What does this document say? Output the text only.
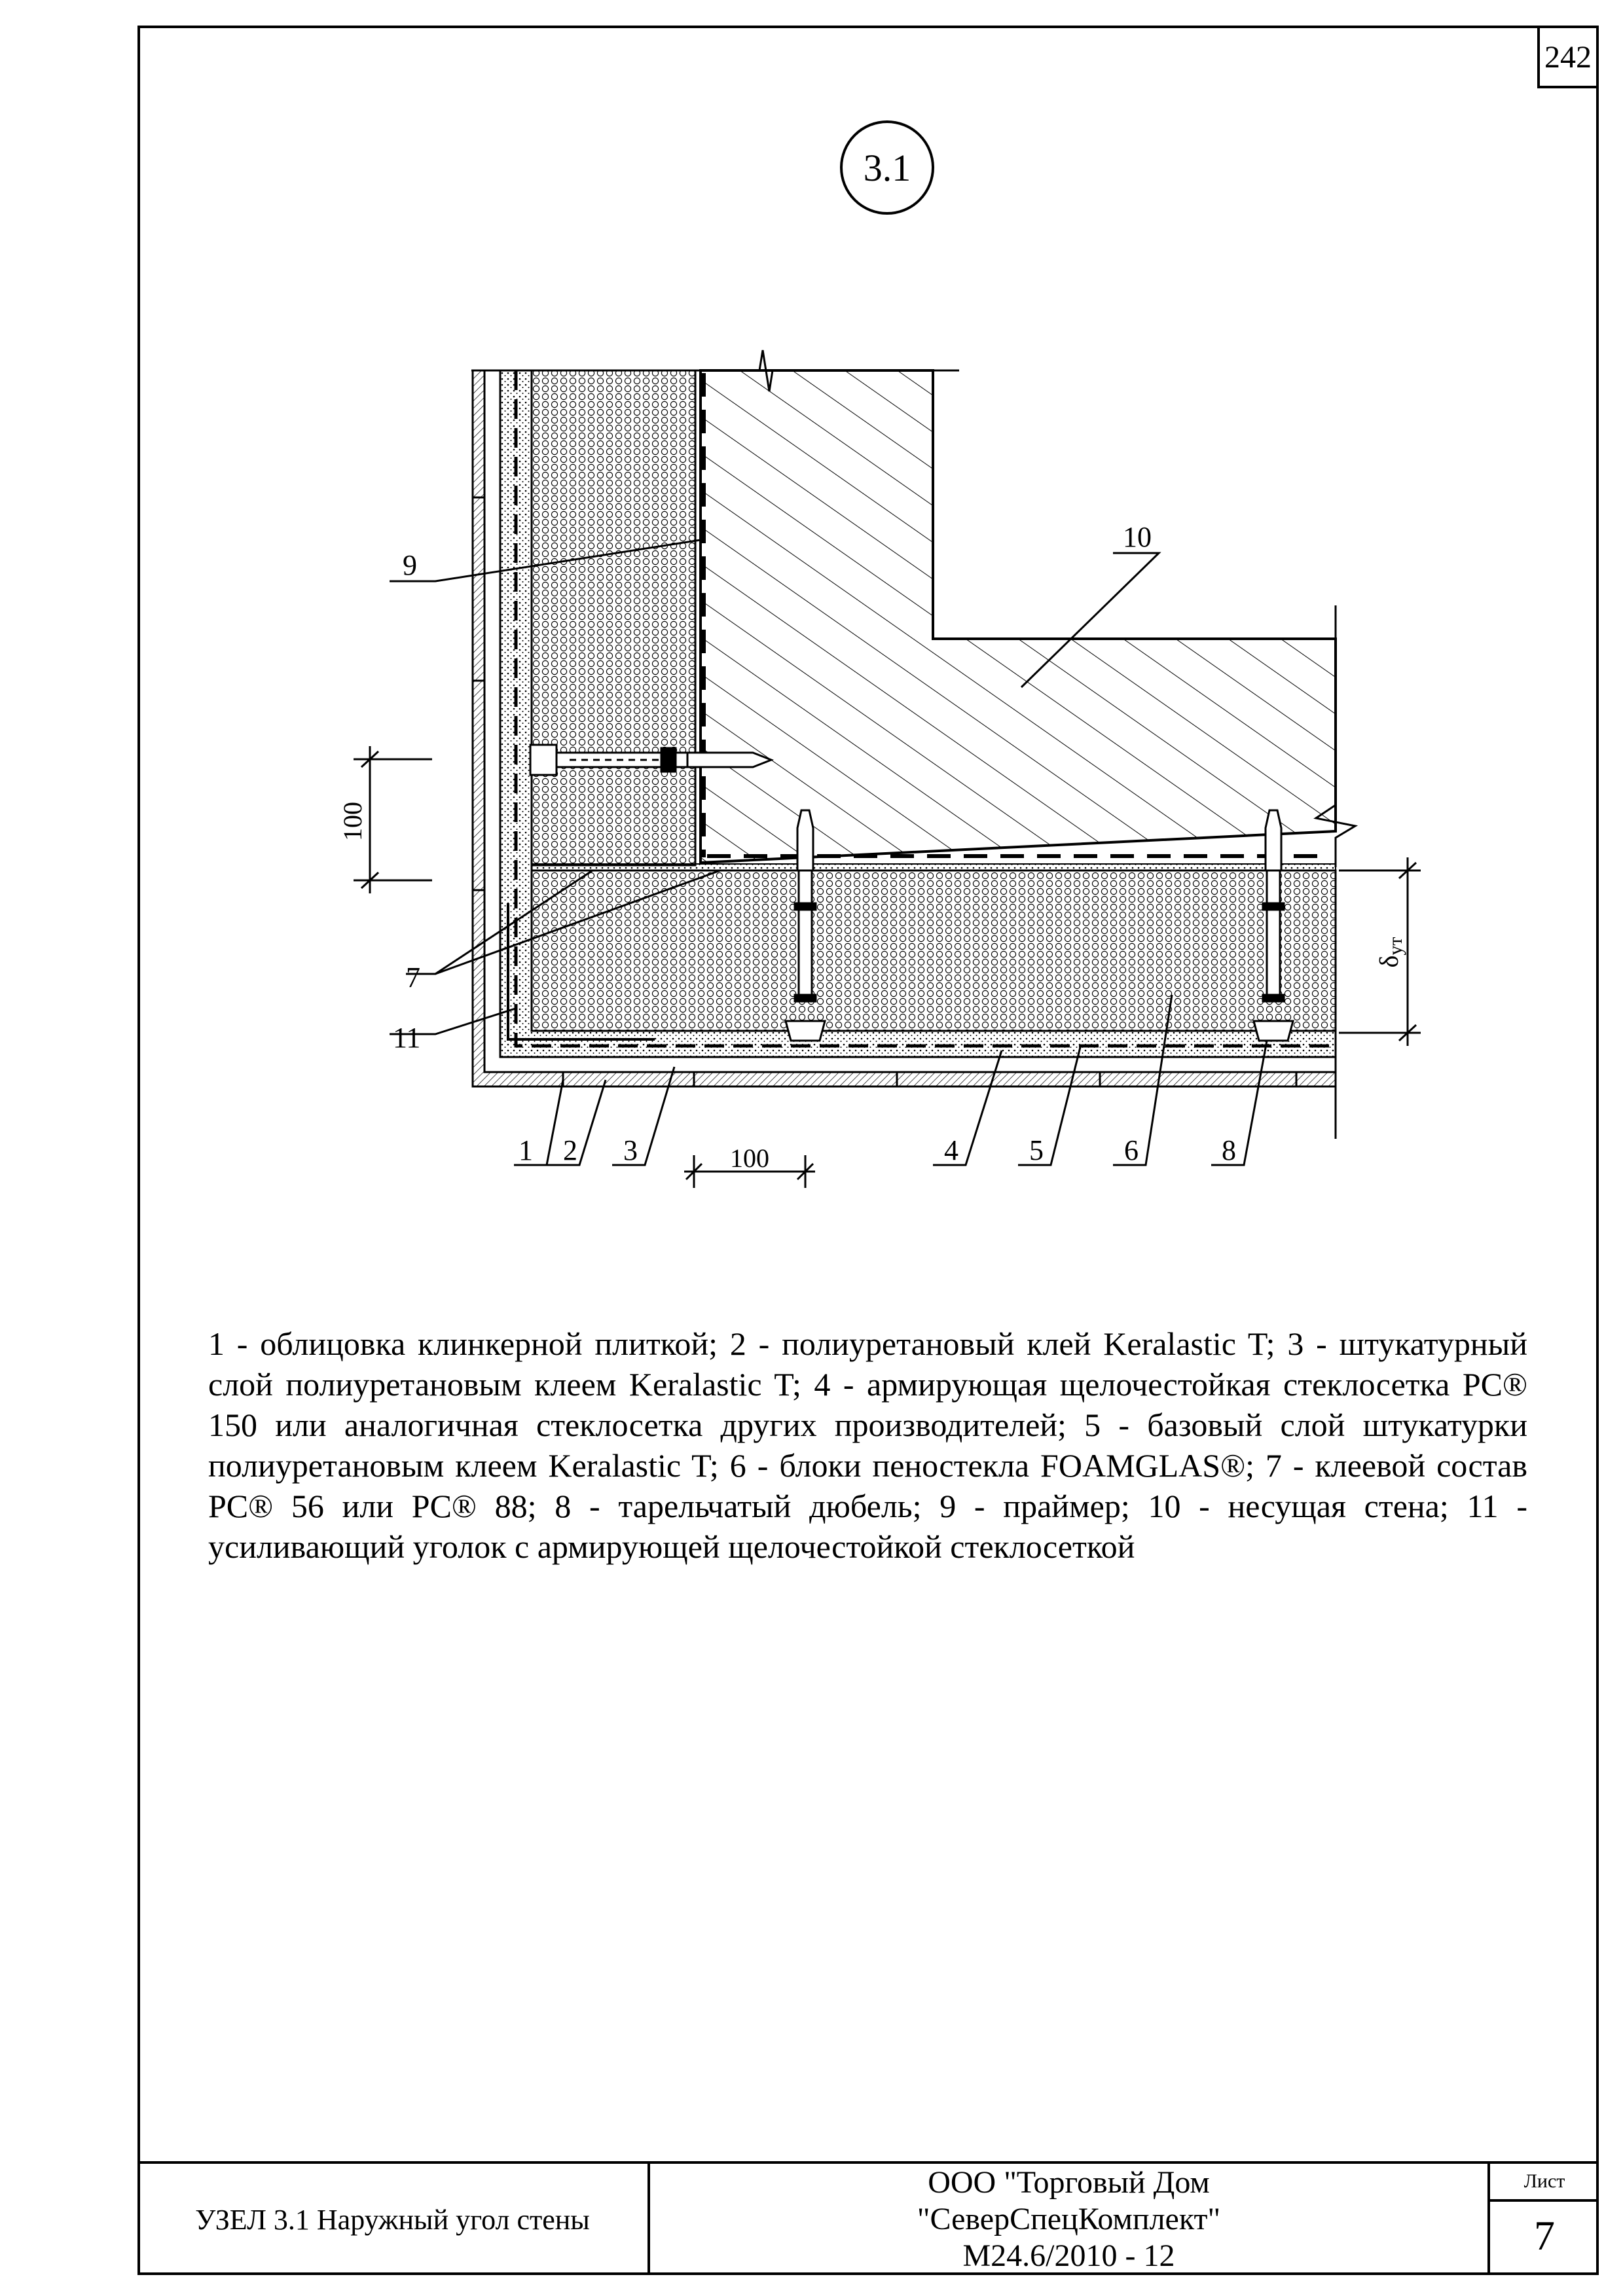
242
3.1
100
δут
100
9
10
7
11
1 2 3	4 5	6	8
1 - облицовка клинкерной плиткой; 2 - полиуретановый клей Keralastic T; 3 - штукатурный слой полиуретановым клеем Keralastic T; 4 - армирующая щелочестойкая стеклосетка PC® 150 или аналогичная стеклосетка других производителей; 5 - базовый слой штукатурки полиуретановым клеем Keralastic T; 6 - блоки пеностекла FOAMGLAS®; 7 - клеевой состав PC® 56 или PC® 88; 8 - тарельчатый дюбель; 9 - праймер; 10 - несущая стена; 11 - усиливающий уголок с армирующей щелочестойкой стеклосеткой
УЗЕЛ 3.1 Наружный угол стены
ООО "Торговый Дом
"СеверСпецКомплект"
М24.6/2010 - 12
Лист
7
